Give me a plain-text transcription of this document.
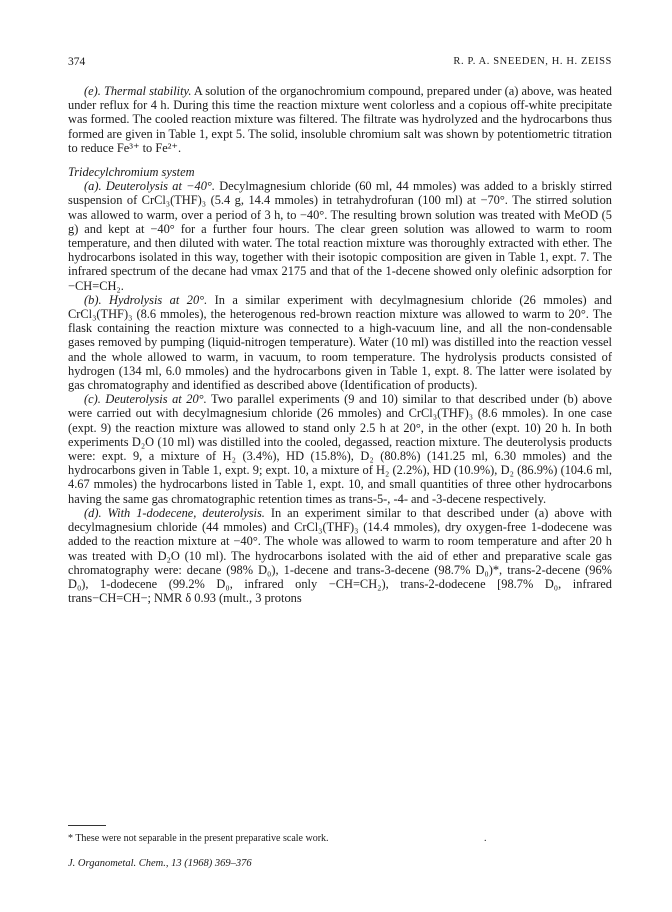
374	R. P. A. SNEEDEN, H. H. ZEISS

(e). Thermal stability. A solution of the organochromium compound, prepared under (a) above, was heated under reflux for 4 h. During this time the reaction mixture went colorless and a copious off-white precipitate was formed. The cooled reaction mixture was filtered. The filtrate was hydrolyzed and the hydrocarbons thus formed are given in Table 1, expt 5. The solid, insoluble chromium salt was shown by potentiometric titration to reduce Fe³⁺ to Fe²⁺.

Tridecylchromium system

(a). Deuterolysis at −40°. Decylmagnesium chloride (60 ml, 44 mmoles) was added to a briskly stirred suspension of CrCl₃(THF)₃ (5.4 g, 14.4 mmoles) in tetrahydrofuran (100 ml) at −70°. The stirred solution was allowed to warm, over a period of 3 h, to −40°. The resulting brown solution was treated with MeOD (5 g) and kept at −40° for a further four hours. The clear green solution was allowed to warm to room temperature, and then diluted with water. The total reaction mixture was thoroughly extracted with ether. The hydrocarbons isolated in this way, together with their isotopic composition are given in Table 1, expt. 7. The infrared spectrum of the decane had νmax 2175 and that of the 1-decene showed only olefinic adsorption for −CH=CH₂.

(b). Hydrolysis at 20°. In a similar experiment with decylmagnesium chloride (26 mmoles) and CrCl₃(THF)₃ (8.6 mmoles), the heterogenous red-brown reaction mixture was allowed to warm to 20°. The flask containing the reaction mixture was connected to a high-vacuum line, and all the non-condensable gases removed by pumping (liquid-nitrogen temperature). Water (10 ml) was distilled into the reaction vessel and the whole allowed to warm, in vacuum, to room temperature. The hydrolysis products consisted of hydrogen (134 ml, 6.0 mmoles) and the hydrocarbons given in Table 1, expt. 8. The latter were isolated by gas chromatography and identified as described above (Identification of products).

(c). Deuterolysis at 20°. Two parallel experiments (9 and 10) similar to that described under (b) above were carried out with decylmagnesium chloride (26 mmoles) and CrCl₃(THF)₃ (8.6 mmoles). In one case (expt. 9) the reaction mixture was allowed to stand only 2.5 h at 20°, in the other (expt. 10) 20 h. In both experiments D₂O (10 ml) was distilled into the cooled, degassed, reaction mixture. The deuterolysis products were: expt. 9, a mixture of H₂ (3.4%), HD (15.8%), D₂ (80.8%) (141.25 ml, 6.30 mmoles) and the hydrocarbons given in Table 1, expt. 9; expt. 10, a mixture of H₂ (2.2%), HD (10.9%), D₂ (86.9%) (104.6 ml, 4.67 mmoles) the hydrocarbons listed in Table 1, expt. 10, and small quantities of three other hydrocarbons having the same gas chromatographic retention times as trans-5-, -4- and -3-decene respectively.

(d). With 1-dodecene, deuterolysis. In an experiment similar to that described under (a) above with decylmagnesium chloride (44 mmoles) and CrCl₃(THF)₃ (14.4 mmoles), dry oxygen-free 1-dodecene was added to the reaction mixture at −40°. The whole was allowed to warm to room temperature and after 20 h was treated with D₂O (10 ml). The hydrocarbons isolated with the aid of ether and preparative scale gas chromatography were: decane (98% D₀), 1-decene and trans-3-decene (98.7% D₀)*, trans-2-decene (96% D₀), 1-dodecene (99.2% D₀, infrared only −CH=CH₂), trans-2-dodecene [98.7% D₀, infrared trans−CH=CH−; NMR δ 0.93 (mult., 3 protons

* These were not separable in the present preparative scale work.	.
J. Organometal. Chem., 13 (1968) 369–376
